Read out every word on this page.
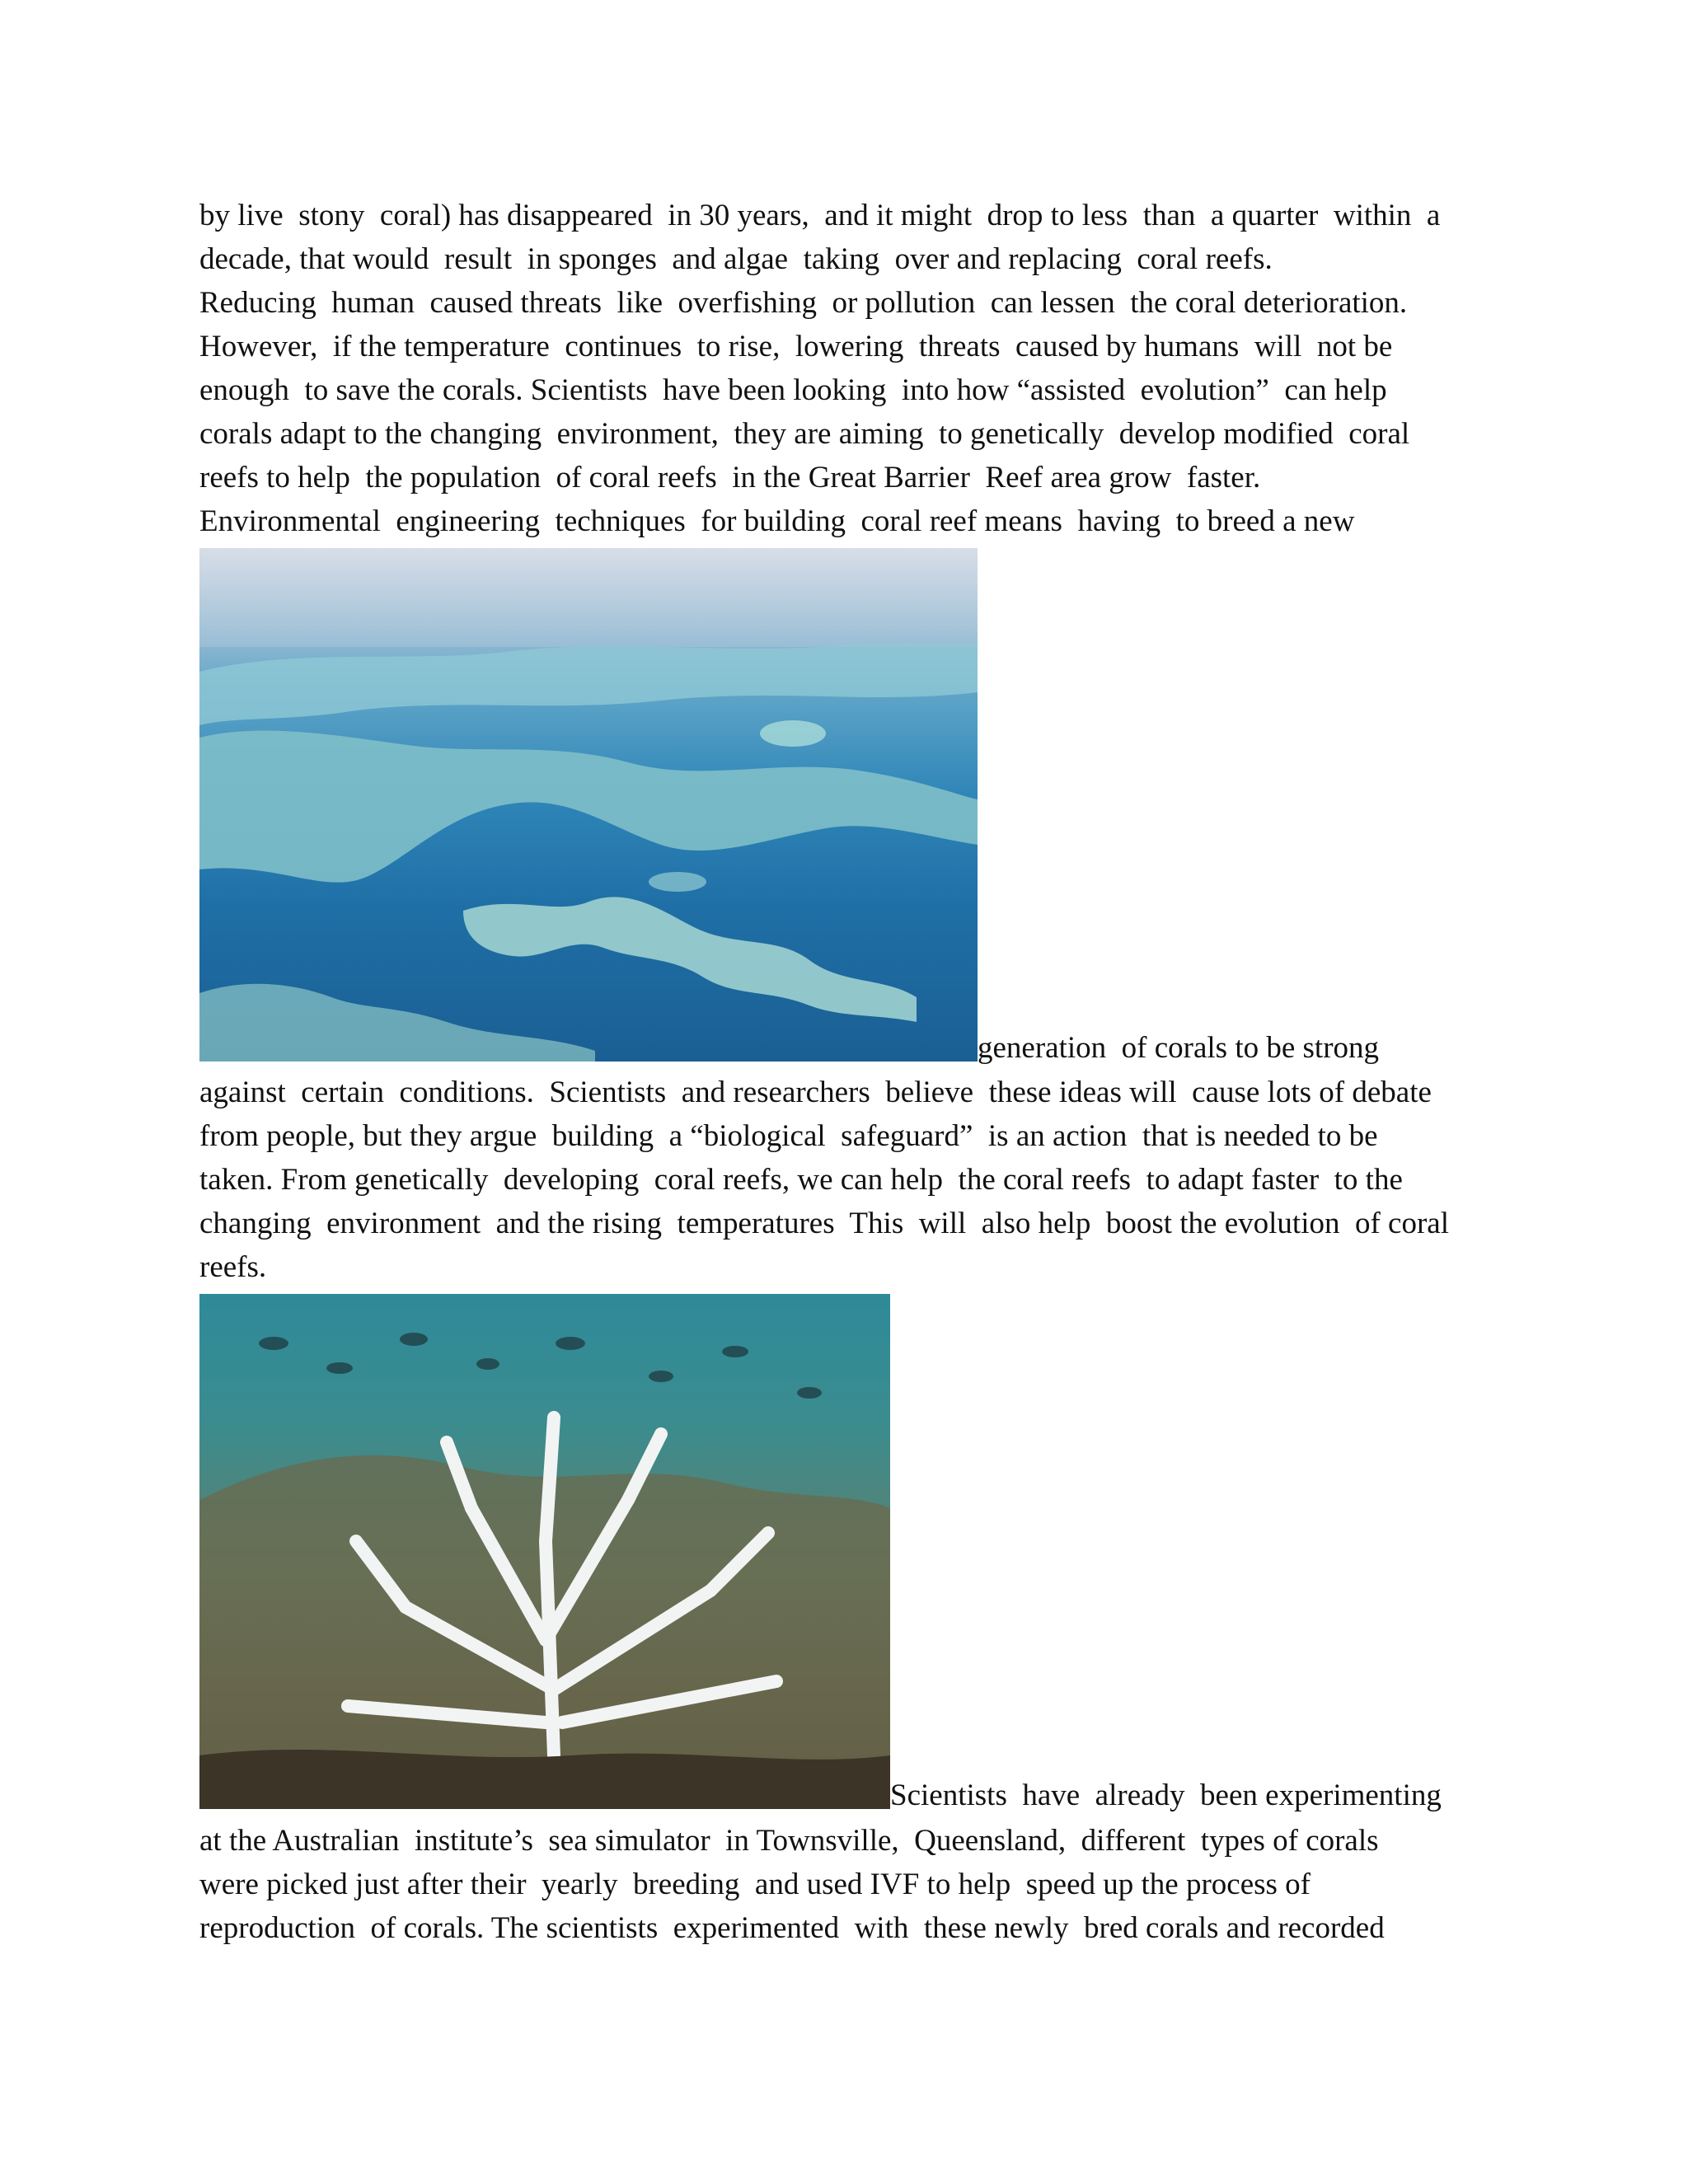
by live  stony  coral) has disappeared  in 30 years,  and it might  drop to less  than  a quarter  within  a
decade, that would  result  in sponges  and algae  taking  over and replacing  coral reefs.
Reducing  human  caused threats  like  overfishing  or pollution  can lessen  the coral deterioration.
However,  if the temperature  continues  to rise,  lowering  threats  caused by humans  will  not be
enough  to save the corals. Scientists  have been looking  into how “assisted  evolution”  can help
corals adapt to the changing  environment,  they are aiming  to genetically  develop modified  coral
reefs to help  the population  of coral reefs  in the Great Barrier  Reef area grow  faster.
Environmental  engineering  techniques  for building  coral reef means  having  to breed a new
generation  of corals to be strong
against  certain  conditions.  Scientists  and researchers  believe  these ideas will  cause lots of debate
from people, but they argue  building  a “biological  safeguard”  is an action  that is needed to be
taken. From genetically  developing  coral reefs, we can help  the coral reefs  to adapt faster  to the
changing  environment  and the rising  temperatures  This  will  also help  boost the evolution  of coral
reefs.
Scientists  have  already  been experimenting
at the Australian  institute’s  sea simulator  in Townsville,  Queensland,  different  types of corals
were picked just after their  yearly  breeding  and used IVF to help  speed up the process of
reproduction  of corals. The scientists  experimented  with  these newly  bred corals and recorded
